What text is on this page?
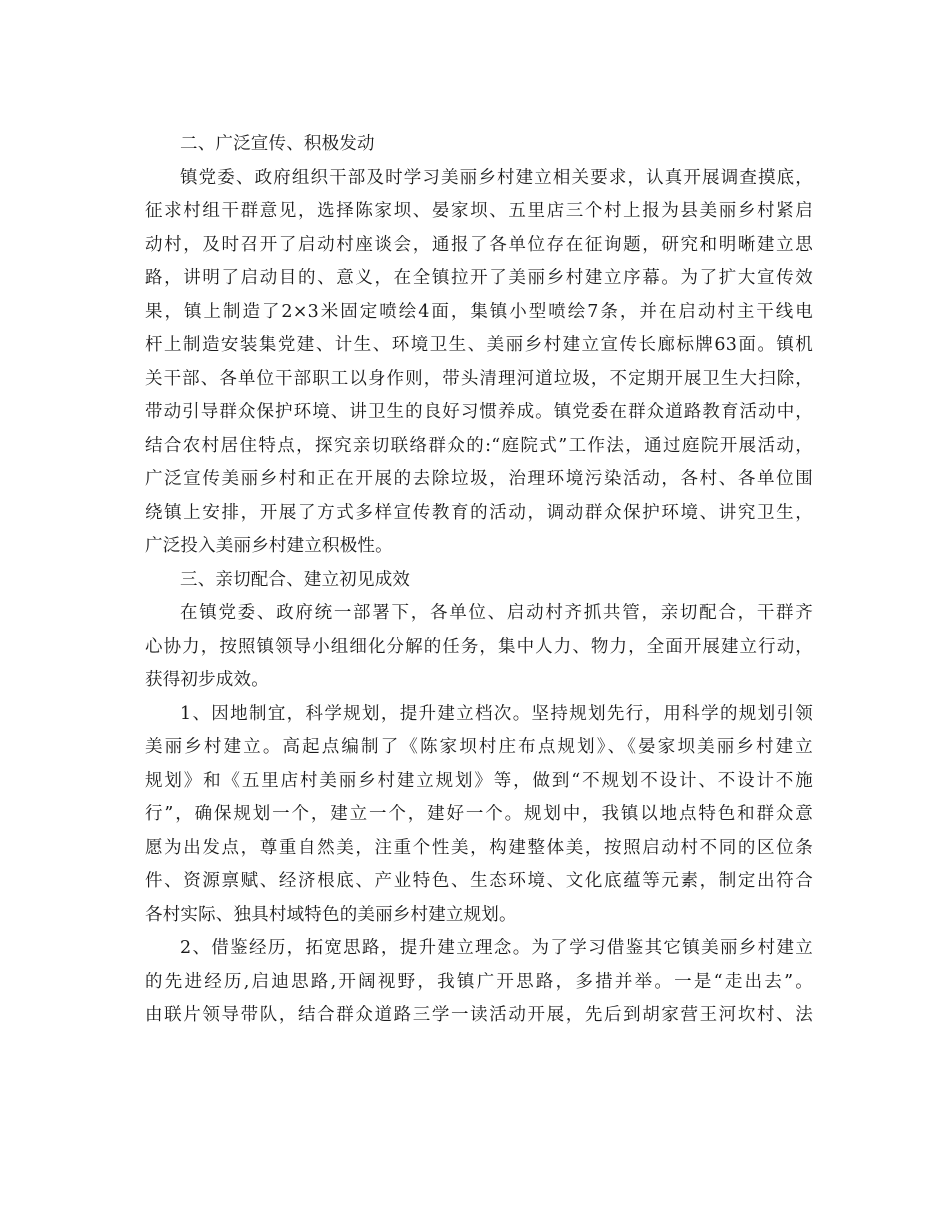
二、广泛宣传、积极发动
镇党委、政府组织干部及时学习美丽乡村建立相关要求，认真开展调查摸底，
征求村组干群意见，选择陈家坝、晏家坝、五里店三个村上报为县美丽乡村紧启
动村，及时召开了启动村座谈会，通报了各单位存在征询题，研究和明晰建立思
路，讲明了启动目的、意义，在全镇拉开了美丽乡村建立序幕。为了扩大宣传效
果，镇上制造了2×3米固定喷绘4面，集镇小型喷绘7条，并在启动村主干线电
杆上制造安装集党建、计生、环境卫生、美丽乡村建立宣传长廊标牌63面。镇机
关干部、各单位干部职工以身作则，带头清理河道垃圾，不定期开展卫生大扫除，
带动引导群众保护环境、讲卫生的良好习惯养成。镇党委在群众道路教育活动中，
结合农村居住特点，探究亲切联络群众的:“庭院式”工作法，通过庭院开展活动，
广泛宣传美丽乡村和正在开展的去除垃圾，治理环境污染活动，各村、各单位围
绕镇上安排，开展了方式多样宣传教育的活动，调动群众保护环境、讲究卫生，
广泛投入美丽乡村建立积极性。
三、亲切配合、建立初见成效
在镇党委、政府统一部署下，各单位、启动村齐抓共管，亲切配合，干群齐
心协力，按照镇领导小组细化分解的任务，集中人力、物力，全面开展建立行动，
获得初步成效。
1、因地制宜，科学规划，提升建立档次。坚持规划先行，用科学的规划引领
美丽乡村建立。高起点编制了《陈家坝村庄布点规划》、《晏家坝美丽乡村建立
规划》和《五里店村美丽乡村建立规划》等，做到“不规划不设计、不设计不施
行”，确保规划一个，建立一个，建好一个。规划中，我镇以地点特色和群众意
愿为出发点，尊重自然美，注重个性美，构建整体美，按照启动村不同的区位条
件、资源禀赋、经济根底、产业特色、生态环境、文化底蕴等元素，制定出符合
各村实际、独具村域特色的美丽乡村建立规划。
2、借鉴经历，拓宽思路，提升建立理念。为了学习借鉴其它镇美丽乡村建立
的先进经历,启迪思路,开阔视野，我镇广开思路，多措并举。一是“走出去”。
由联片领导带队，结合群众道路三学一读活动开展，先后到胡家营王河坎村、法
